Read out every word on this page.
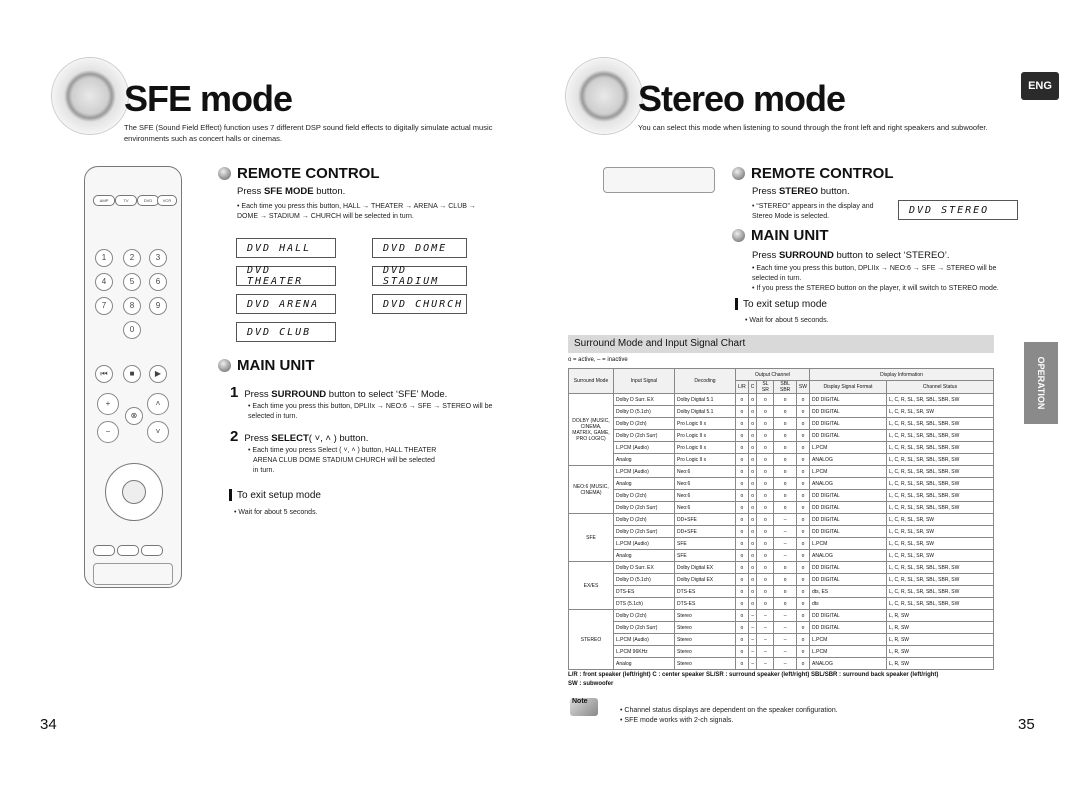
SFE mode
The SFE (Sound Field Effect) function uses 7 different DSP sound field effects to digitally simulate actual music environments such as concert halls or cinemas.
AMP	TV	DVD	VCR
1	2	3
4	5	6
7	8	9
0
⏮	■	▶
+	˄
⊗
−	˅
REMOTE CONTROL
Press SFE MODE button.
• Each time you press this button, HALL → THEATER → ARENA → CLUB → DOME → STADIUM → CHURCH will be selected in turn.
DVD HALL	DVD DOME
DVD THEATER
DVD STADIUM
DVD ARENA	DVD CHURCH
DVD CLUB
MAIN UNIT
1 Press SURROUND button to select ‘SFE’ Mode.
• Each time you press this button, DPLIIx → NEO:6 → SFE → STEREO will be selected in turn.
2 Press SELECT( ˅, ˄ ) button.
• Each time you press Select ( ˅, ˄ ) button, HALL THEATER
ARENA CLUB DOME STADIUM CHURCH will be selected
in turn.
To exit setup mode
• Wait for about 5 seconds.
34
Stereo mode	ENG
You can select this mode when listening to sound through the front left and right speakers and subwoofer.
REMOTE CONTROL
Press STEREO button.
• “STEREO” appears in the display and Stereo Mode is selected.
DVD STEREO
MAIN UNIT
Press SURROUND button to select ‘STEREO’.
• Each time you press this button, DPLIIx → NEO:6 → SFE → STEREO will be selected in turn.
• If you press the STEREO button on the player, it will switch to STEREO mode.
To exit setup mode
• Wait for about 5 seconds.
OPERATION
Surround Mode and Input Signal Chart
o = active, – = inactive
Surround Mode	Input Signal	Decoding	Output Channel					Display Information	
			L/R	C	SL SR	SBL SBR	SW	Display Signal Format	Channel Status
DOLBY (MUSIC, CINEMA, MATRIX, GAME, PRO LOGIC)	Dolby D Surr. EX	Dolby Digital 5.1	o	o	o	o	o	DD DIGITAL	L, C, R, SL, SR, SBL, SBR, SW
	Dolby D (5.1ch)	Dolby Digital 5.1	o	o	o	o	o	DD DIGITAL	L, C, R, SL, SR, SW
	Dolby D (2ch)	Pro Logic II x	o	o	o	o	o	DD DIGITAL	L, C, R, SL, SR, SBL, SBR, SW
	Dolby D (2ch Surr)	Pro Logic II x	o	o	o	o	o	DD DIGITAL	L, C, R, SL, SR, SBL, SBR, SW
	L.PCM (Audio)	Pro Logic II x	o	o	o	o	o	L.PCM	L, C, R, SL, SR, SBL, SBR, SW
	Analog	Pro Logic II x	o	o	o	o	o	ANALOG	L, C, R, SL, SR, SBL, SBR, SW
NEO:6 (MUSIC, CINEMA)	L.PCM (Audio)	Neo:6	o	o	o	o	o	L.PCM	L, C, R, SL, SR, SBL, SBR, SW
	Analog	Neo:6	o	o	o	o	o	ANALOG	L, C, R, SL, SR, SBL, SBR, SW
	Dolby D (2ch)	Neo:6	o	o	o	o	o	DD DIGITAL	L, C, R, SL, SR, SBL, SBR, SW
	Dolby D (2ch Surr)	Neo:6	o	o	o	o	o	DD DIGITAL	L, C, R, SL, SR, SBL, SBR, SW
SFE	Dolby D (2ch)	DD+SFE	o	o	o	–	o	DD DIGITAL	L, C, R, SL, SR, SW
	Dolby D (2ch Surr)	DD+SFE	o	o	o	–	o	DD DIGITAL	L, C, R, SL, SR, SW
	L.PCM (Audio)	SFE	o	o	o	–	o	L.PCM	L, C, R, SL, SR, SW
	Analog	SFE	o	o	o	–	o	ANALOG	L, C, R, SL, SR, SW
EX/ES	Dolby D Surr. EX	Dolby Digital EX	o	o	o	o	o	DD DIGITAL	L, C, R, SL, SR, SBL, SBR, SW
	Dolby D (5.1ch)	Dolby Digital EX	o	o	o	o	o	DD DIGITAL	L, C, R, SL, SR, SBL, SBR, SW
	DTS-ES	DTS-ES	o	o	o	o	o	dts, ES	L, C, R, SL, SR, SBL, SBR, SW
	DTS (5.1ch)	DTS-ES	o	o	o	o	o	dts	L, C, R, SL, SR, SBL, SBR, SW
STEREO	Dolby D (2ch)	Stereo	o	–	–	–	o	DD DIGITAL	L, R, SW
	Dolby D (2ch Surr)	Stereo	o	–	–	–	o	DD DIGITAL	L, R, SW
	L.PCM (Audio)	Stereo	o	–	–	–	o	L.PCM	L, R, SW
	L.PCM 96KHz	Stereo	o	–	–	–	o	L.PCM	L, R, SW
	Analog	Stereo	o	–	–	–	o	ANALOG	L, R, SW
L/R : front speaker (left/right) C : center speaker SL/SR : surround speaker (left/right) SBL/SBR : surround back speaker (left/right)
SW : subwoofer
Note
• Channel status displays are dependent on the speaker configuration.
• SFE mode works with 2-ch signals.	35
